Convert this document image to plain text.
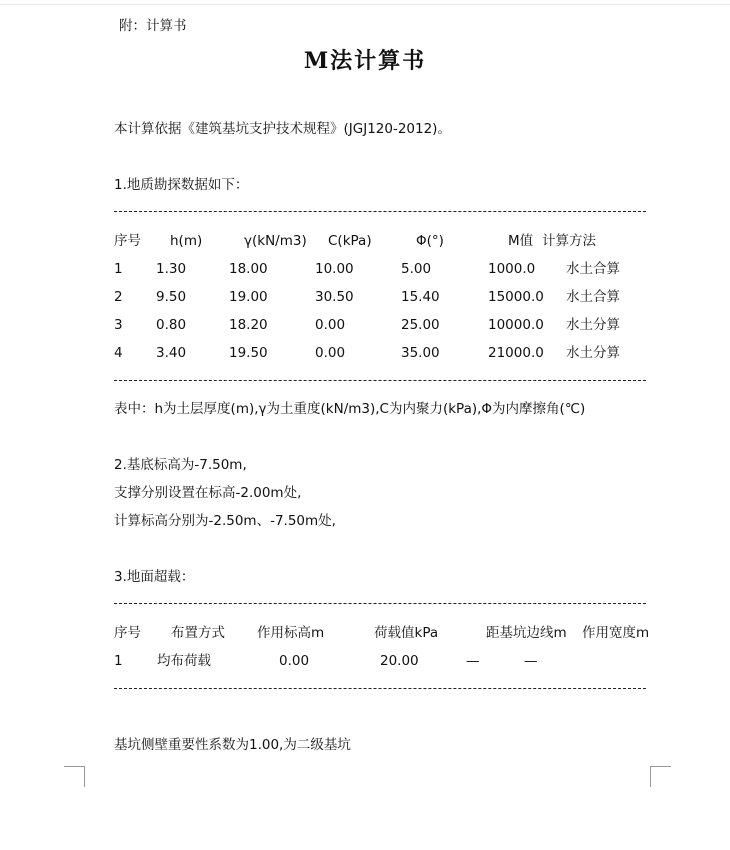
附：计算书
M法计算书
本计算依据《建筑基坑支护技术规程》(JGJ120-2012)。
1.地质勘探数据如下：
序号 h(m)	γ(kN/m3) C(kPa)	Φ(°)	M值 计算方法
1 1.30	18.00	10.00	5.00	1000.0 水土合算
2 9.50	19.00	30.50	15.40	15000.0 水土合算
3 0.80	18.20	0.00	25.00	10000.0 水土分算
4 3.40	19.50	0.00	35.00	21000.0 水土分算
表中：h为土层厚度(m),γ为土重度(kN/m3),C为内聚力(kPa),Φ为内摩擦角(℃)
2.基底标高为-7.50m,
支撑分别设置在标高-2.00m处,
计算标高分别为-2.50m、-7.50m处,
3.地面超载：
序号 布置方式 作用标高m	荷载值kPa	距基坑边线m 作用宽度m
1	均布荷载	0.00	20.00	—	—
基坑侧壁重要性系数为1.00,为二级基坑
